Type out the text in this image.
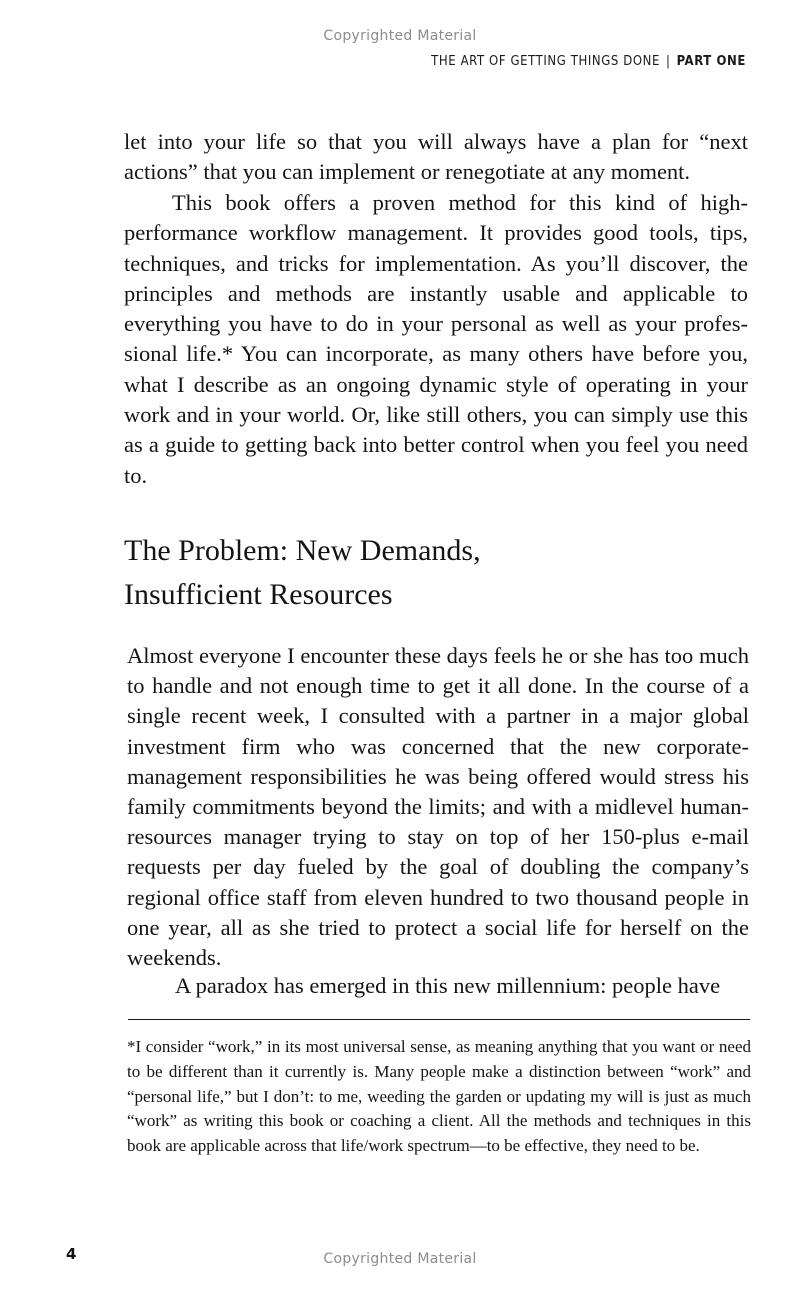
Copyrighted Material
THE ART OF GETTING THINGS DONE | PART ONE

let into your life so that you will always have a plan for “next actions” that you can implement or renegotiate at any moment.

This book offers a proven method for this kind of high-performance workflow management. It provides good tools, tips, techniques, and tricks for implementation. As you’ll discover, the principles and methods are instantly usable and applicable to everything you have to do in your personal as well as your professional life.* You can incorporate, as many others have before you, what I describe as an ongoing dynamic style of operating in your work and in your world. Or, like still others, you can simply use this as a guide to getting back into better control when you feel you need to.

The Problem: New Demands,
Insufficient Resources

Almost everyone I encounter these days feels he or she has too much to handle and not enough time to get it all done. In the course of a single recent week, I consulted with a partner in a major global investment firm who was concerned that the new corporate-management responsibilities he was being offered would stress his family commitments beyond the limits; and with a midlevel human-resources manager trying to stay on top of her 150-plus e-mail requests per day fueled by the goal of doubling the company’s regional office staff from eleven hundred to two thousand people in one year, all as she tried to protect a social life for herself on the weekends.

A paradox has emerged in this new millennium: people have

*I consider “work,” in its most universal sense, as meaning anything that you want or need to be different than it currently is. Many people make a distinction between “work” and “personal life,” but I don’t: to me, weeding the garden or updating my will is just as much “work” as writing this book or coaching a client. All the methods and techniques in this book are applicable across that life/work spectrum—to be effective, they need to be.

4	Copyrighted Material
